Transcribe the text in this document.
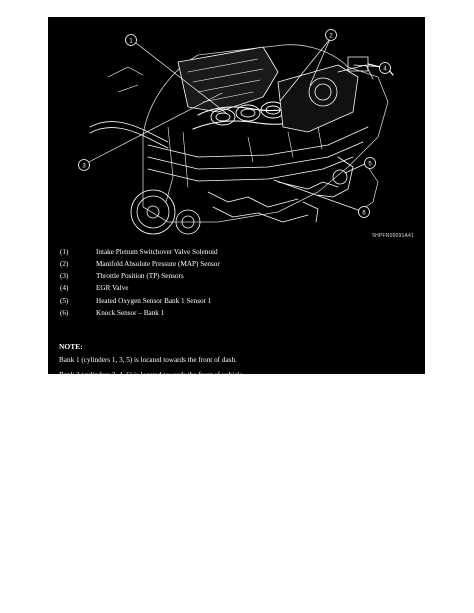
1
2
4
3	5
6
5HPFN00091A41
(1)	Intake Plenum Switchover Valve Solenoid
(2)	Manifold Absolute Pressure (MAP) Sensor
(3)	Throttle Position (TP) Sensors
(4)	EGR Valve
(5)	Heated Oxygen Sensor Bank 1 Sensor 1
(6)	Knock Sensor – Bank 1
NOTE:
Bank 1 (cylinders 1, 3, 5) is located towards the front of dash.
Bank 2 (cylinders 2, 4, 6) is located towards the front of vehicle.
